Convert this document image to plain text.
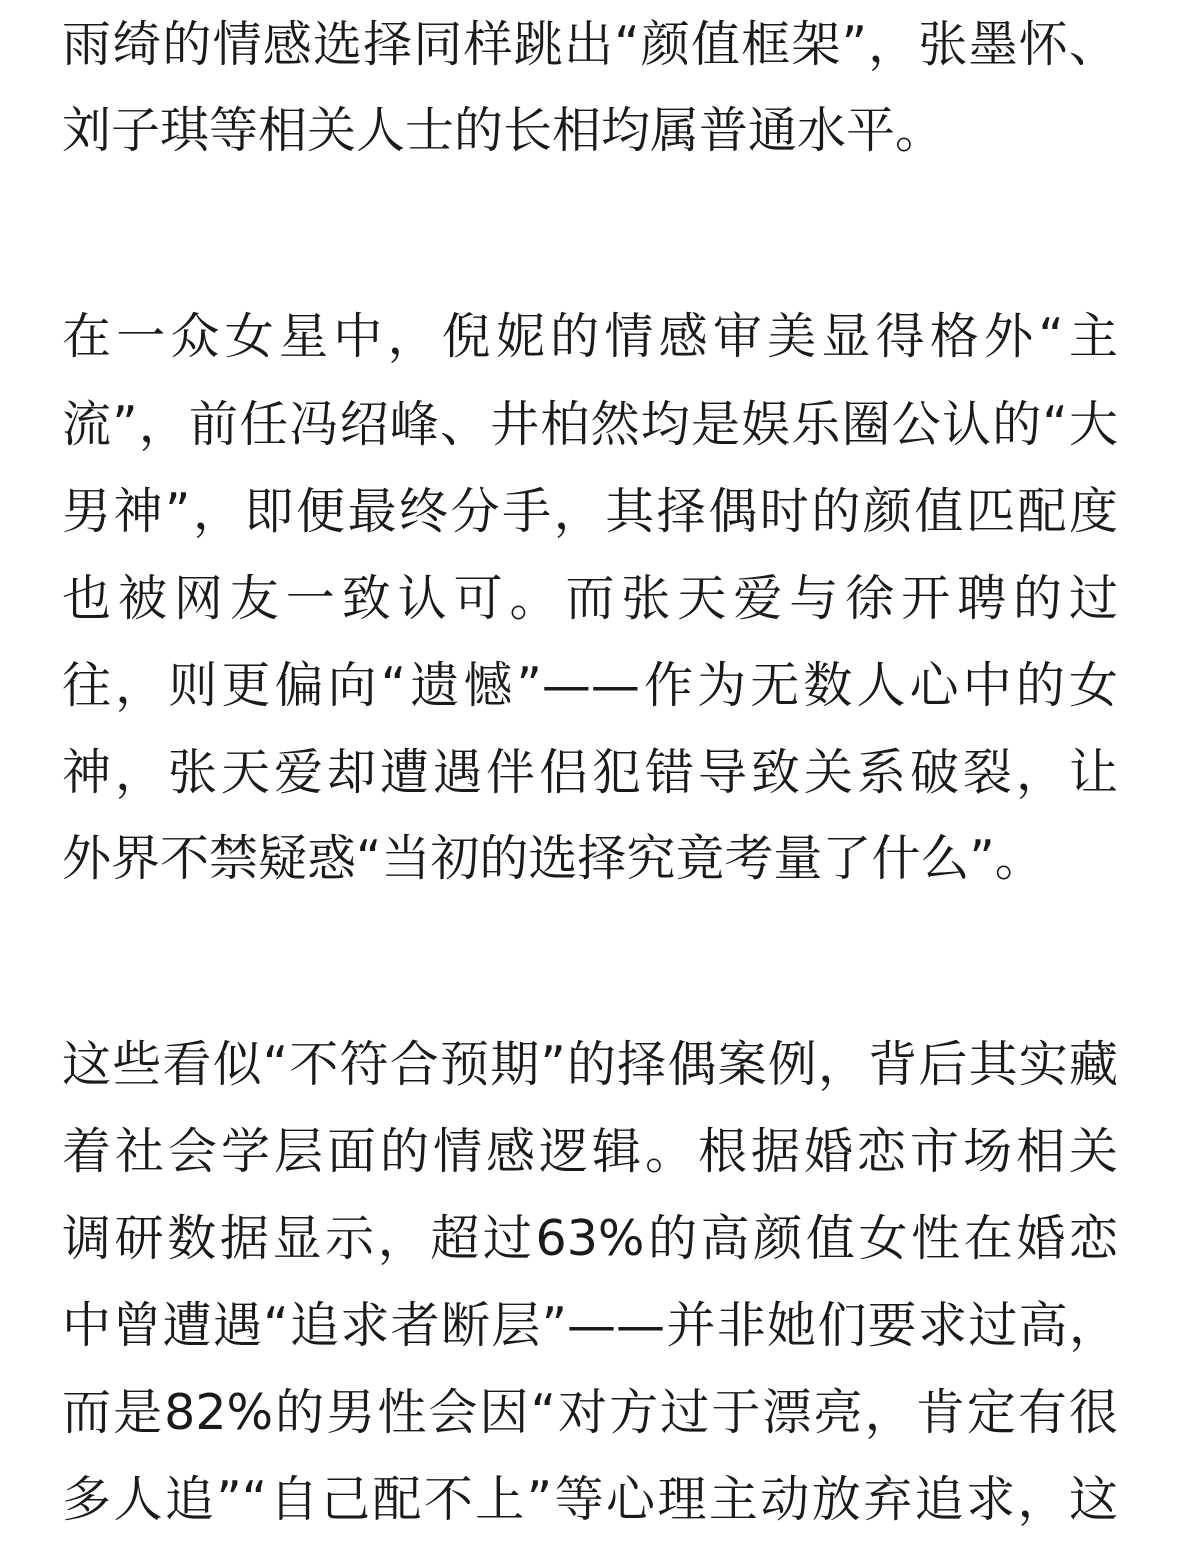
雨绮的情感选择同样跳出“颜值框架”，张墨怀、
刘子琪等相关人士的长相均属普通水平。
在一众女星中，倪妮的情感审美显得格外“主
流”，前任冯绍峰、井柏然均是娱乐圈公认的“大
男神”，即便最终分手，其择偶时的颜值匹配度
也被网友一致认可。而张天爱与徐开聘的过
往，则更偏向“遗憾”——作为无数人心中的女
神，张天爱却遭遇伴侣犯错导致关系破裂，让
外界不禁疑惑“当初的选择究竟考量了什么”。
这些看似“不符合预期”的择偶案例，背后其实藏
着社会学层面的情感逻辑。根据婚恋市场相关
调研数据显示，超过63%的高颜值女性在婚恋
中曾遭遇“追求者断层”——并非她们要求过高，
而是82%的男性会因“对方过于漂亮，肯定有很
多人追”“自己配不上”等心理主动放弃追求，这
